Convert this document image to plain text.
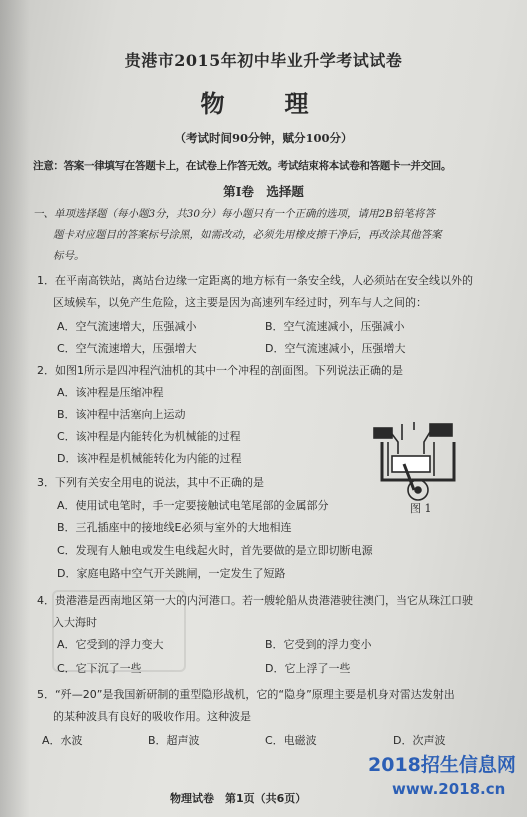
贵港市2015年初中毕业升学考试试卷
物　理
（考试时间90分钟，赋分100分）
注意：答案一律填写在答题卡上，在试卷上作答无效。考试结束将本试卷和答题卡一并交回。
第Ⅰ卷　选择题
一、单项选择题（每小题3分，共30分）每小题只有一个正确的选项，请用2B铅笔将答
题卡对应题目的答案标号涂黑，如需改动，必须先用橡皮擦干净后，再改涂其他答案
标号。
1．在平南高铁站，离站台边缘一定距离的地方标有一条安全线，人必须站在安全线以外的
区域候车，以免产生危险，这主要是因为高速列车经过时，列车与人之间的：
A．空气流速增大，压强减小	B．空气流速减小，压强减小
C．空气流速增大，压强增大	D．空气流速减小，压强增大
2．如图1所示是四冲程汽油机的其中一个冲程的剖面图。下列说法正确的是
A．该冲程是压缩冲程
B．该冲程中活塞向上运动
C．该冲程是内能转化为机械能的过程
D．该冲程是机械能转化为内能的过程
图 1
3．下列有关安全用电的说法，其中不正确的是
A．使用试电笔时，手一定要接触试电笔尾部的金属部分
B．三孔插座中的接地线E必须与室外的大地相连
C．发现有人触电或发生电线起火时，首先要做的是立即切断电源
D．家庭电路中空气开关跳闸，一定发生了短路
4．贵港港是西南地区第一大的内河港口。若一艘轮船从贵港港驶往澳门，当它从珠江口驶
入大海时
A．它受到的浮力变大	B．它受到的浮力变小
C．它下沉了一些	D．它上浮了一些
5．“歼—20”是我国新研制的重型隐形战机，它的“隐身”原理主要是机身对雷达发射出
的某种波具有良好的吸收作用。这种波是
A．水波	B．超声波	C．电磁波	D．次声波
2018招生信息网
www.2018.cn
物理试卷　第1页（共6页）
